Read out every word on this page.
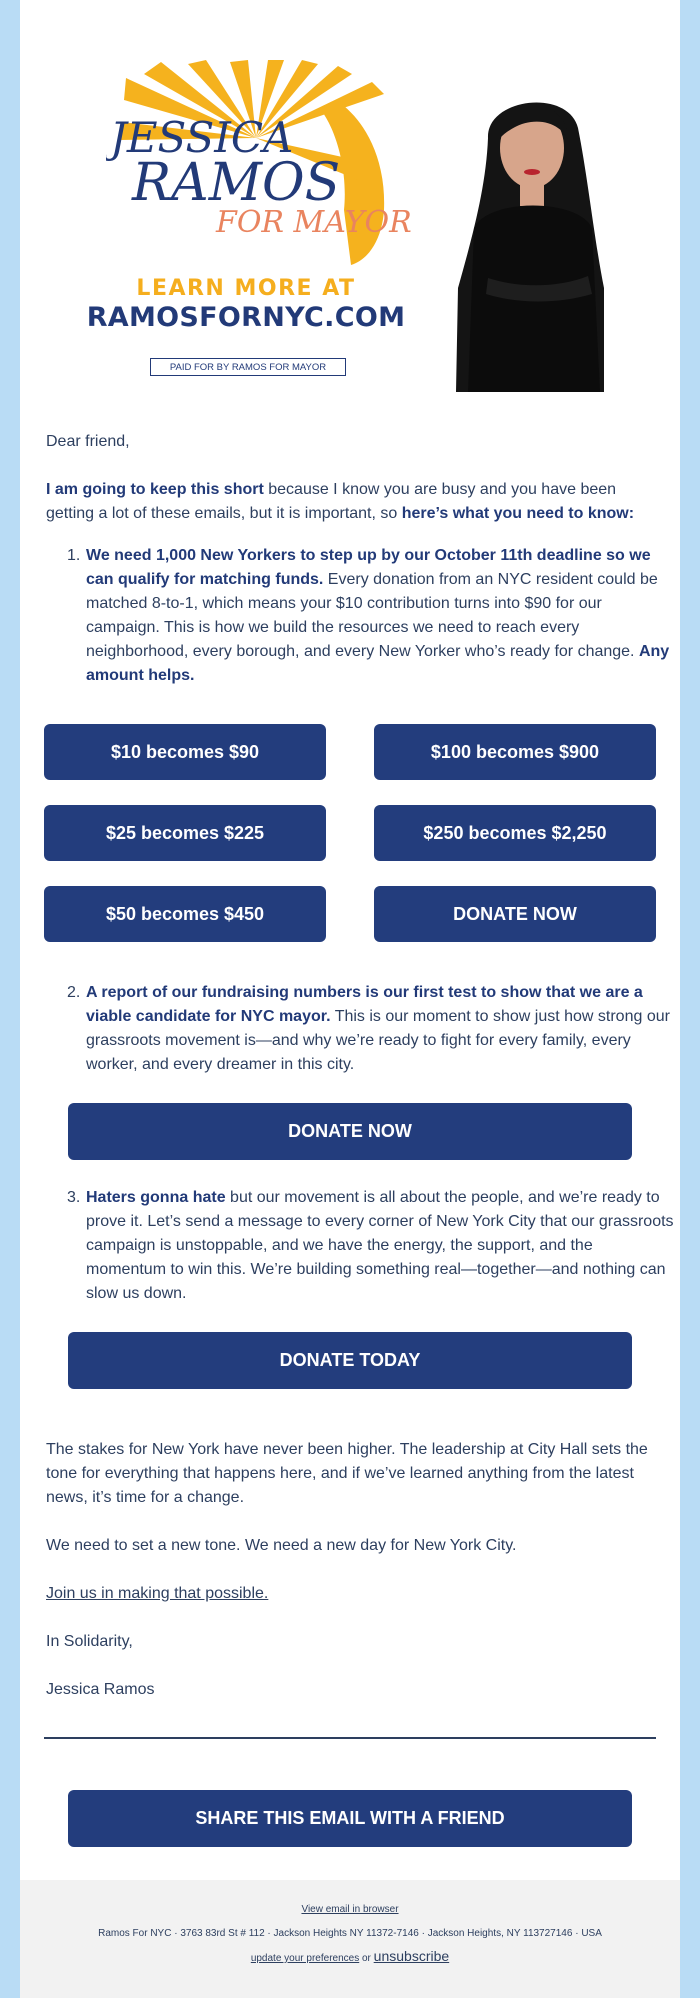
JESSICA
RAMOS
FOR MAYOR
LEARN MORE AT
RAMOSFORNYC.COM
PAID FOR BY RAMOS FOR MAYOR

Dear friend,

I am going to keep this short because I know you are busy and you have been getting a lot of these emails, but it is important, so here’s what you need to know:

1. We need 1,000 New Yorkers to step up by our October 11th deadline so we can qualify for matching funds. Every donation from an NYC resident could be matched 8-to-1, which means your $10 contribution turns into $90 for our campaign. This is how we build the resources we need to reach every neighborhood, every borough, and every New Yorker who’s ready for change. Any amount helps.

$10 becomes $90	$100 becomes $900
$25 becomes $225	$250 becomes $2,250
$50 becomes $450	DONATE NOW
2. A report of our fundraising numbers is our first test to show that we are a viable candidate for NYC mayor. This is our moment to show just how strong our grassroots movement is—and why we’re ready to fight for every family, every worker, and every dreamer in this city.

DONATE NOW
3. Haters gonna hate but our movement is all about the people, and we’re ready to prove it. Let’s send a message to every corner of New York City that our grassroots campaign is unstoppable, and we have the energy, the support, and the momentum to win this. We’re building something real—together—and nothing can slow us down.

DONATE TODAY

The stakes for New York have never been higher. The leadership at City Hall sets the tone for everything that happens here, and if we’ve learned anything from the latest news, it’s time for a change.

We need to set a new tone. We need a new day for New York City.

Join us in making that possible.

In Solidarity,

Jessica Ramos

SHARE THIS EMAIL WITH A FRIEND
View email in browser
Ramos For NYC · 3763 83rd St # 112 · Jackson Heights NY 11372-7146 · Jackson Heights, NY 113727146 · USA
update your preferences or unsubscribe
